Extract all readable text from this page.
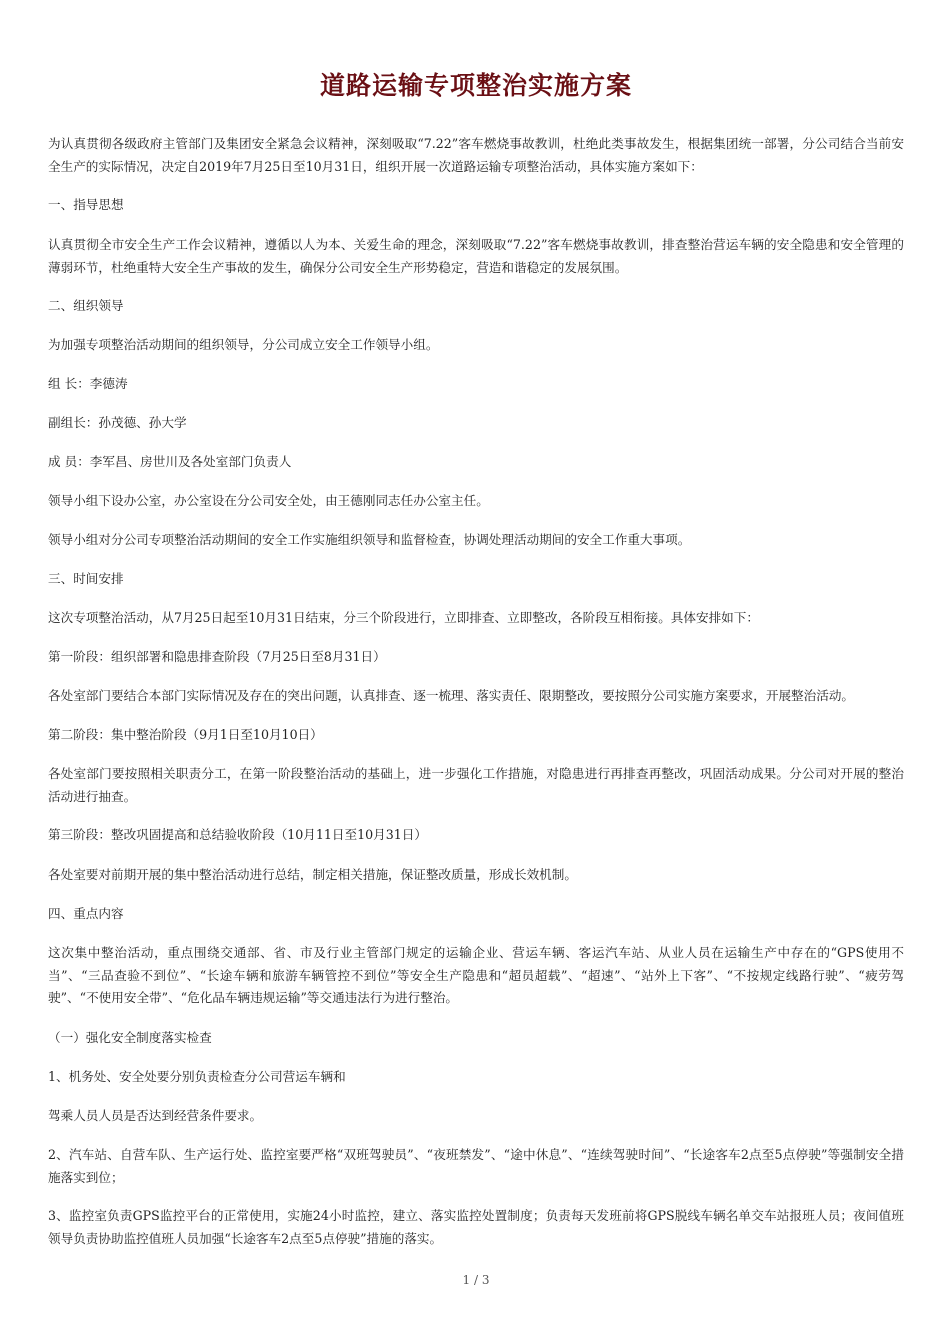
道路运输专项整治实施方案

为认真贯彻各级政府主管部门及集团安全紧急会议精神，深刻吸取“7.22”客车燃烧事故教训，杜绝此类事故发生，根据集团统一部署，分公司结合当前安全生产的实际情况，决定自2019年7月25日至10月31日，组织开展一次道路运输专项整治活动，具体实施方案如下：

一、指导思想

认真贯彻全市安全生产工作会议精神，遵循以人为本、关爱生命的理念，深刻吸取“7.22”客车燃烧事故教训，排查整治营运车辆的安全隐患和安全管理的薄弱环节，杜绝重特大安全生产事故的发生，确保分公司安全生产形势稳定，营造和谐稳定的发展氛围。

二、组织领导

为加强专项整治活动期间的组织领导，分公司成立安全工作领导小组。

组 长：李德涛

副组长：孙茂德、孙大学

成 员：李军昌、房世川及各处室部门负责人

领导小组下设办公室，办公室设在分公司安全处，由王德刚同志任办公室主任。

领导小组对分公司专项整治活动期间的安全工作实施组织领导和监督检查，协调处理活动期间的安全工作重大事项。

三、时间安排

这次专项整治活动，从7月25日起至10月31日结束，分三个阶段进行，立即排查、立即整改，各阶段互相衔接。具体安排如下：

第一阶段：组织部署和隐患排查阶段（7月25日至8月31日）

各处室部门要结合本部门实际情况及存在的突出问题，认真排查、逐一梳理、落实责任、限期整改，要按照分公司实施方案要求，开展整治活动。

第二阶段：集中整治阶段（9月1日至10月10日）

各处室部门要按照相关职责分工，在第一阶段整治活动的基础上，进一步强化工作措施，对隐患进行再排查再整改，巩固活动成果。分公司对开展的整治活动进行抽查。

第三阶段：整改巩固提高和总结验收阶段（10月11日至10月31日）

各处室要对前期开展的集中整治活动进行总结，制定相关措施，保证整改质量，形成长效机制。

四、重点内容

这次集中整治活动，重点围绕交通部、省、市及行业主管部门规定的运输企业、营运车辆、客运汽车站、从业人员在运输生产中存在的“GPS使用不当”、“三品查验不到位”、“长途车辆和旅游车辆管控不到位”等安全生产隐患和“超员超载”、“超速”、“站外上下客”、“不按规定线路行驶”、“疲劳驾驶”、“不使用安全带”、“危化品车辆违规运输”等交通违法行为进行整治。

（一）强化安全制度落实检查

1、机务处、安全处要分别负责检查分公司营运车辆和

驾乘人员人员是否达到经营条件要求。

2、汽车站、自营车队、生产运行处、监控室要严格“双班驾驶员”、“夜班禁发”、“途中休息”、“连续驾驶时间”、“长途客车2点至5点停驶”等强制安全措施落实到位；

3、监控室负责GPS监控平台的正常使用，实施24小时监控，建立、落实监控处置制度；负责每天发班前将GPS脱线车辆名单交车站报班人员；夜间值班领导负责协助监控值班人员加强“长途客车2点至5点停驶”措施的落实。

1 / 3
